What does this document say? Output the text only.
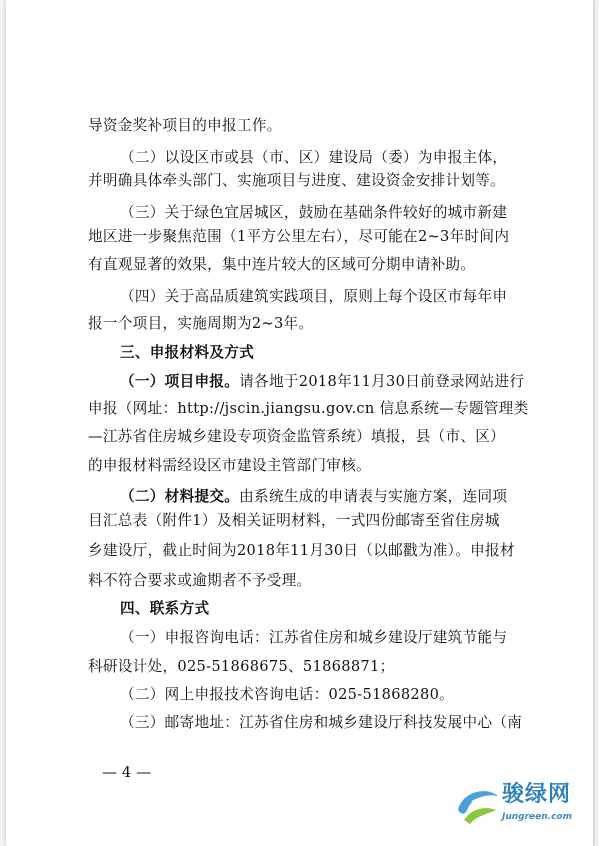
导资金奖补项目的申报工作。
（二）以设区市或县（市、区）建设局（委）为申报主体，
并明确具体牵头部门、实施项目与进度、建设资金安排计划等。
（三）关于绿色宜居城区，鼓励在基础条件较好的城市新建
地区进一步聚焦范围（1平方公里左右），尽可能在2~3年时间内
有直观显著的效果，集中连片较大的区域可分期申请补助。
（四）关于高品质建筑实践项目，原则上每个设区市每年申
报一个项目，实施周期为2~3年。
三、申报材料及方式
（一）项目申报。请各地于2018年11月30日前登录网站进行
申报（网址：http://jscin.jiangsu.gov.cn 信息系统—专题管理类
—江苏省住房城乡建设专项资金监管系统）填报，县（市、区）
的申报材料需经设区市建设主管部门审核。
（二）材料提交。由系统生成的申请表与实施方案，连同项
目汇总表（附件1）及相关证明材料，一式四份邮寄至省住房城
乡建设厅，截止时间为2018年11月30日（以邮戳为准）。申报材
料不符合要求或逾期者不予受理。
四、联系方式
（一）申报咨询电话：江苏省住房和城乡建设厅建筑节能与
科研设计处，025-51868675、51868871；
（二）网上申报技术咨询电话：025-51868280。
（三）邮寄地址：江苏省住房和城乡建设厅科技发展中心（南
— 4 —
骏绿网
Jungreen.com
